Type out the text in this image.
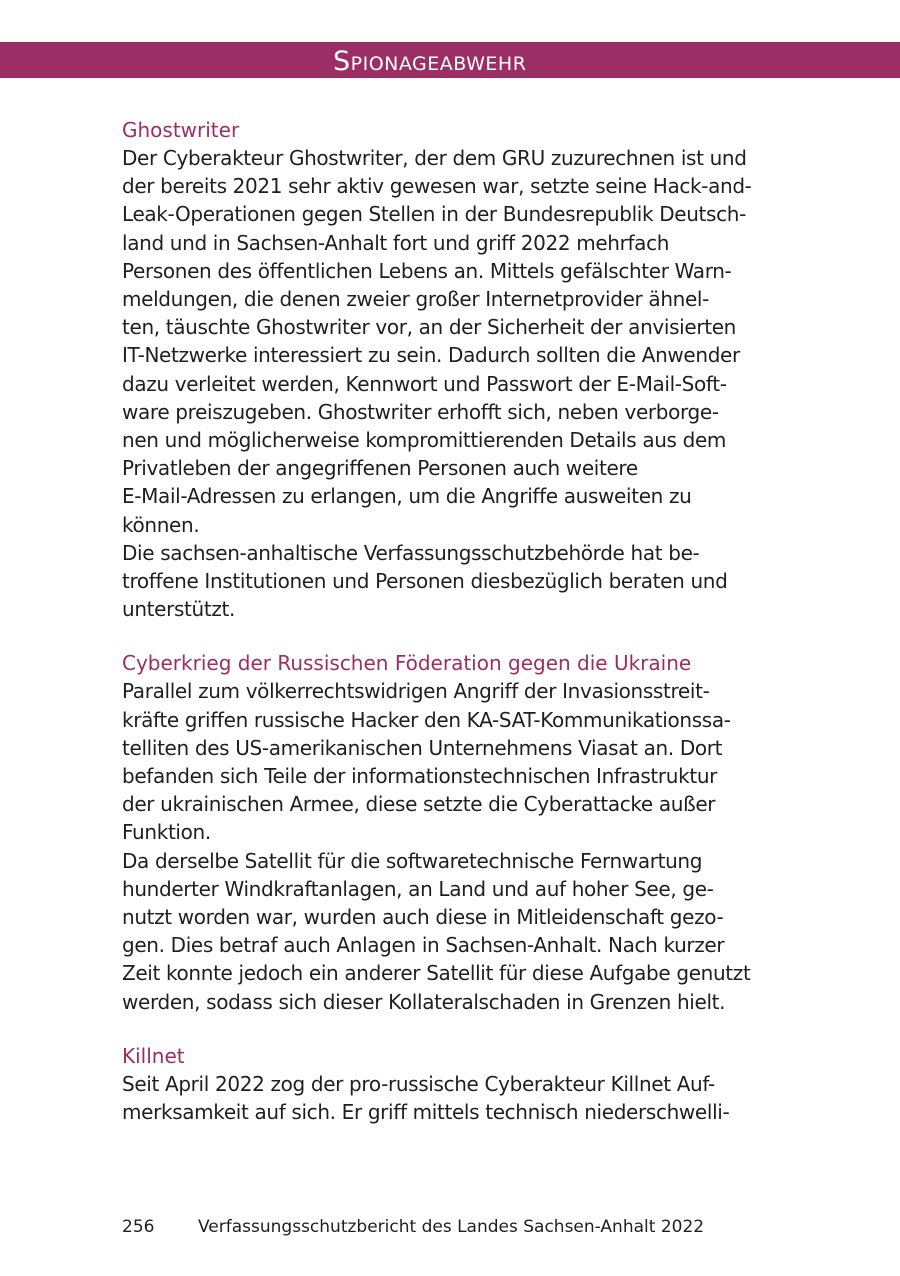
Spionageabwehr
Ghostwriter
Der Cyberakteur Ghostwriter, der dem GRU zuzurechnen ist und
der bereits 2021 sehr aktiv gewesen war, setzte seine Hack-and-
Leak-Operationen gegen Stellen in der Bundesrepublik Deutsch-
land und in Sachsen-Anhalt fort und griff 2022 mehrfach
Personen des öffentlichen Lebens an. Mittels gefälschter Warn-
meldungen, die denen zweier großer Internetprovider ähnel-
ten, täuschte Ghostwriter vor, an der Sicherheit der anvisierten
IT-Netzwerke interessiert zu sein. Dadurch sollten die Anwender
dazu verleitet werden, Kennwort und Passwort der E-Mail-Soft-
ware preiszugeben. Ghostwriter erhofft sich, neben verborge-
nen und möglicherweise kompromittierenden Details aus dem
Privatleben der angegriffenen Personen auch weitere
E-Mail-Adressen zu erlangen, um die Angriffe ausweiten zu
können.
Die sachsen-anhaltische Verfassungsschutzbehörde hat be-
troffene Institutionen und Personen diesbezüglich beraten und
unterstützt.
Cyberkrieg der Russischen Föderation gegen die Ukraine
Parallel zum völkerrechtswidrigen Angriff der Invasionsstreit-
kräfte griffen russische Hacker den KA-SAT-Kommunikationssa-
telliten des US-amerikanischen Unternehmens Viasat an. Dort
befanden sich Teile der informationstechnischen Infrastruktur
der ukrainischen Armee, diese setzte die Cyberattacke außer
Funktion.
Da derselbe Satellit für die softwaretechnische Fernwartung
hunderter Windkraftanlagen, an Land und auf hoher See, ge-
nutzt worden war, wurden auch diese in Mitleidenschaft gezo-
gen. Dies betraf auch Anlagen in Sachsen-Anhalt. Nach kurzer
Zeit konnte jedoch ein anderer Satellit für diese Aufgabe genutzt
werden, sodass sich dieser Kollateralschaden in Grenzen hielt.
Killnet
Seit April 2022 zog der pro-russische Cyberakteur Killnet Auf-
merksamkeit auf sich. Er griff mittels technisch niederschwelli-
256	Verfassungsschutzbericht des Landes Sachsen-Anhalt 2022
